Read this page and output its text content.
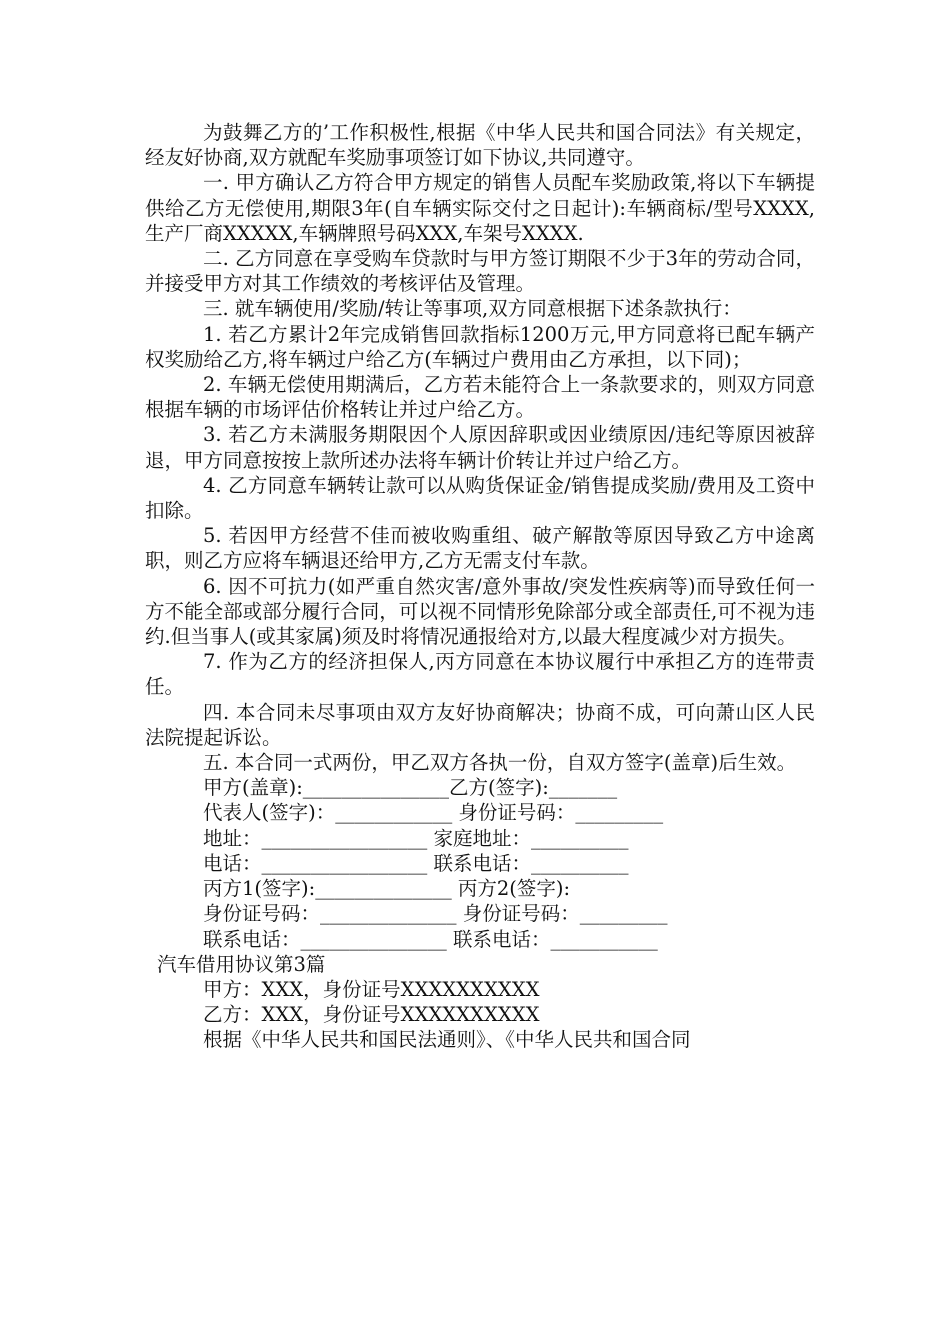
为鼓舞乙方的’工作积极性,根据《中华人民共和国合同法》有关规定，经友好协商,双方就配车奖励事项签订如下协议,共同遵守。

一. 甲方确认乙方符合甲方规定的销售人员配车奖励政策,将以下车辆提供给乙方无偿使用,期限3年(自车辆实际交付之日起计):车辆商标/型号XXXX,生产厂商XXXXX,车辆牌照号码XXX,车架号XXXX.

二. 乙方同意在享受购车贷款时与甲方签订期限不少于3年的劳动合同，并接受甲方对其工作绩效的考核评估及管理。

三. 就车辆使用/奖励/转让等事项,双方同意根据下述条款执行：

1. 若乙方累计2年完成销售回款指标1200万元,甲方同意将已配车辆产权奖励给乙方,将车辆过户给乙方(车辆过户费用由乙方承担，以下同)；

2. 车辆无偿使用期满后，乙方若未能符合上一条款要求的，则双方同意根据车辆的市场评估价格转让并过户给乙方。

3. 若乙方未满服务期限因个人原因辞职或因业绩原因/违纪等原因被辞退，甲方同意按按上款所述办法将车辆计价转让并过户给乙方。

4. 乙方同意车辆转让款可以从购货保证金/销售提成奖励/费用及工资中扣除。

5. 若因甲方经营不佳而被收购重组、破产解散等原因导致乙方中途离职，则乙方应将车辆退还给甲方,乙方无需支付车款。

6. 因不可抗力(如严重自然灾害/意外事故/突发性疾病等)而导致任何一方不能全部或部分履行合同，可以视不同情形免除部分或全部责任,可不视为违约.但当事人(或其家属)须及时将情况通报给对方,以最大程度减少对方损失。

7. 作为乙方的经济担保人,丙方同意在本协议履行中承担乙方的连带责任。

四. 本合同未尽事项由双方友好协商解决；协商不成，可向萧山区人民法院提起诉讼。

五. 本合同一式两份，甲乙双方各执一份，自双方签字(盖章)后生效。

甲方(盖章):_______________乙方(签字):_______
代表人(签字)：____________ 身份证号码：_________
地址：_________________ 家庭地址：__________
电话：_________________ 联系电话：__________
丙方1(签字):______________ 丙方2(签字):
身份证号码：______________ 身份证号码：_________
联系电话：_______________ 联系电话：___________
汽车借用协议第3篇
甲方：XXX，身份证号XXXXXXXXXX
乙方：XXX，身份证号XXXXXXXXXX
根据《中华人民共和国民法通则》、《中华人民共和国合同
